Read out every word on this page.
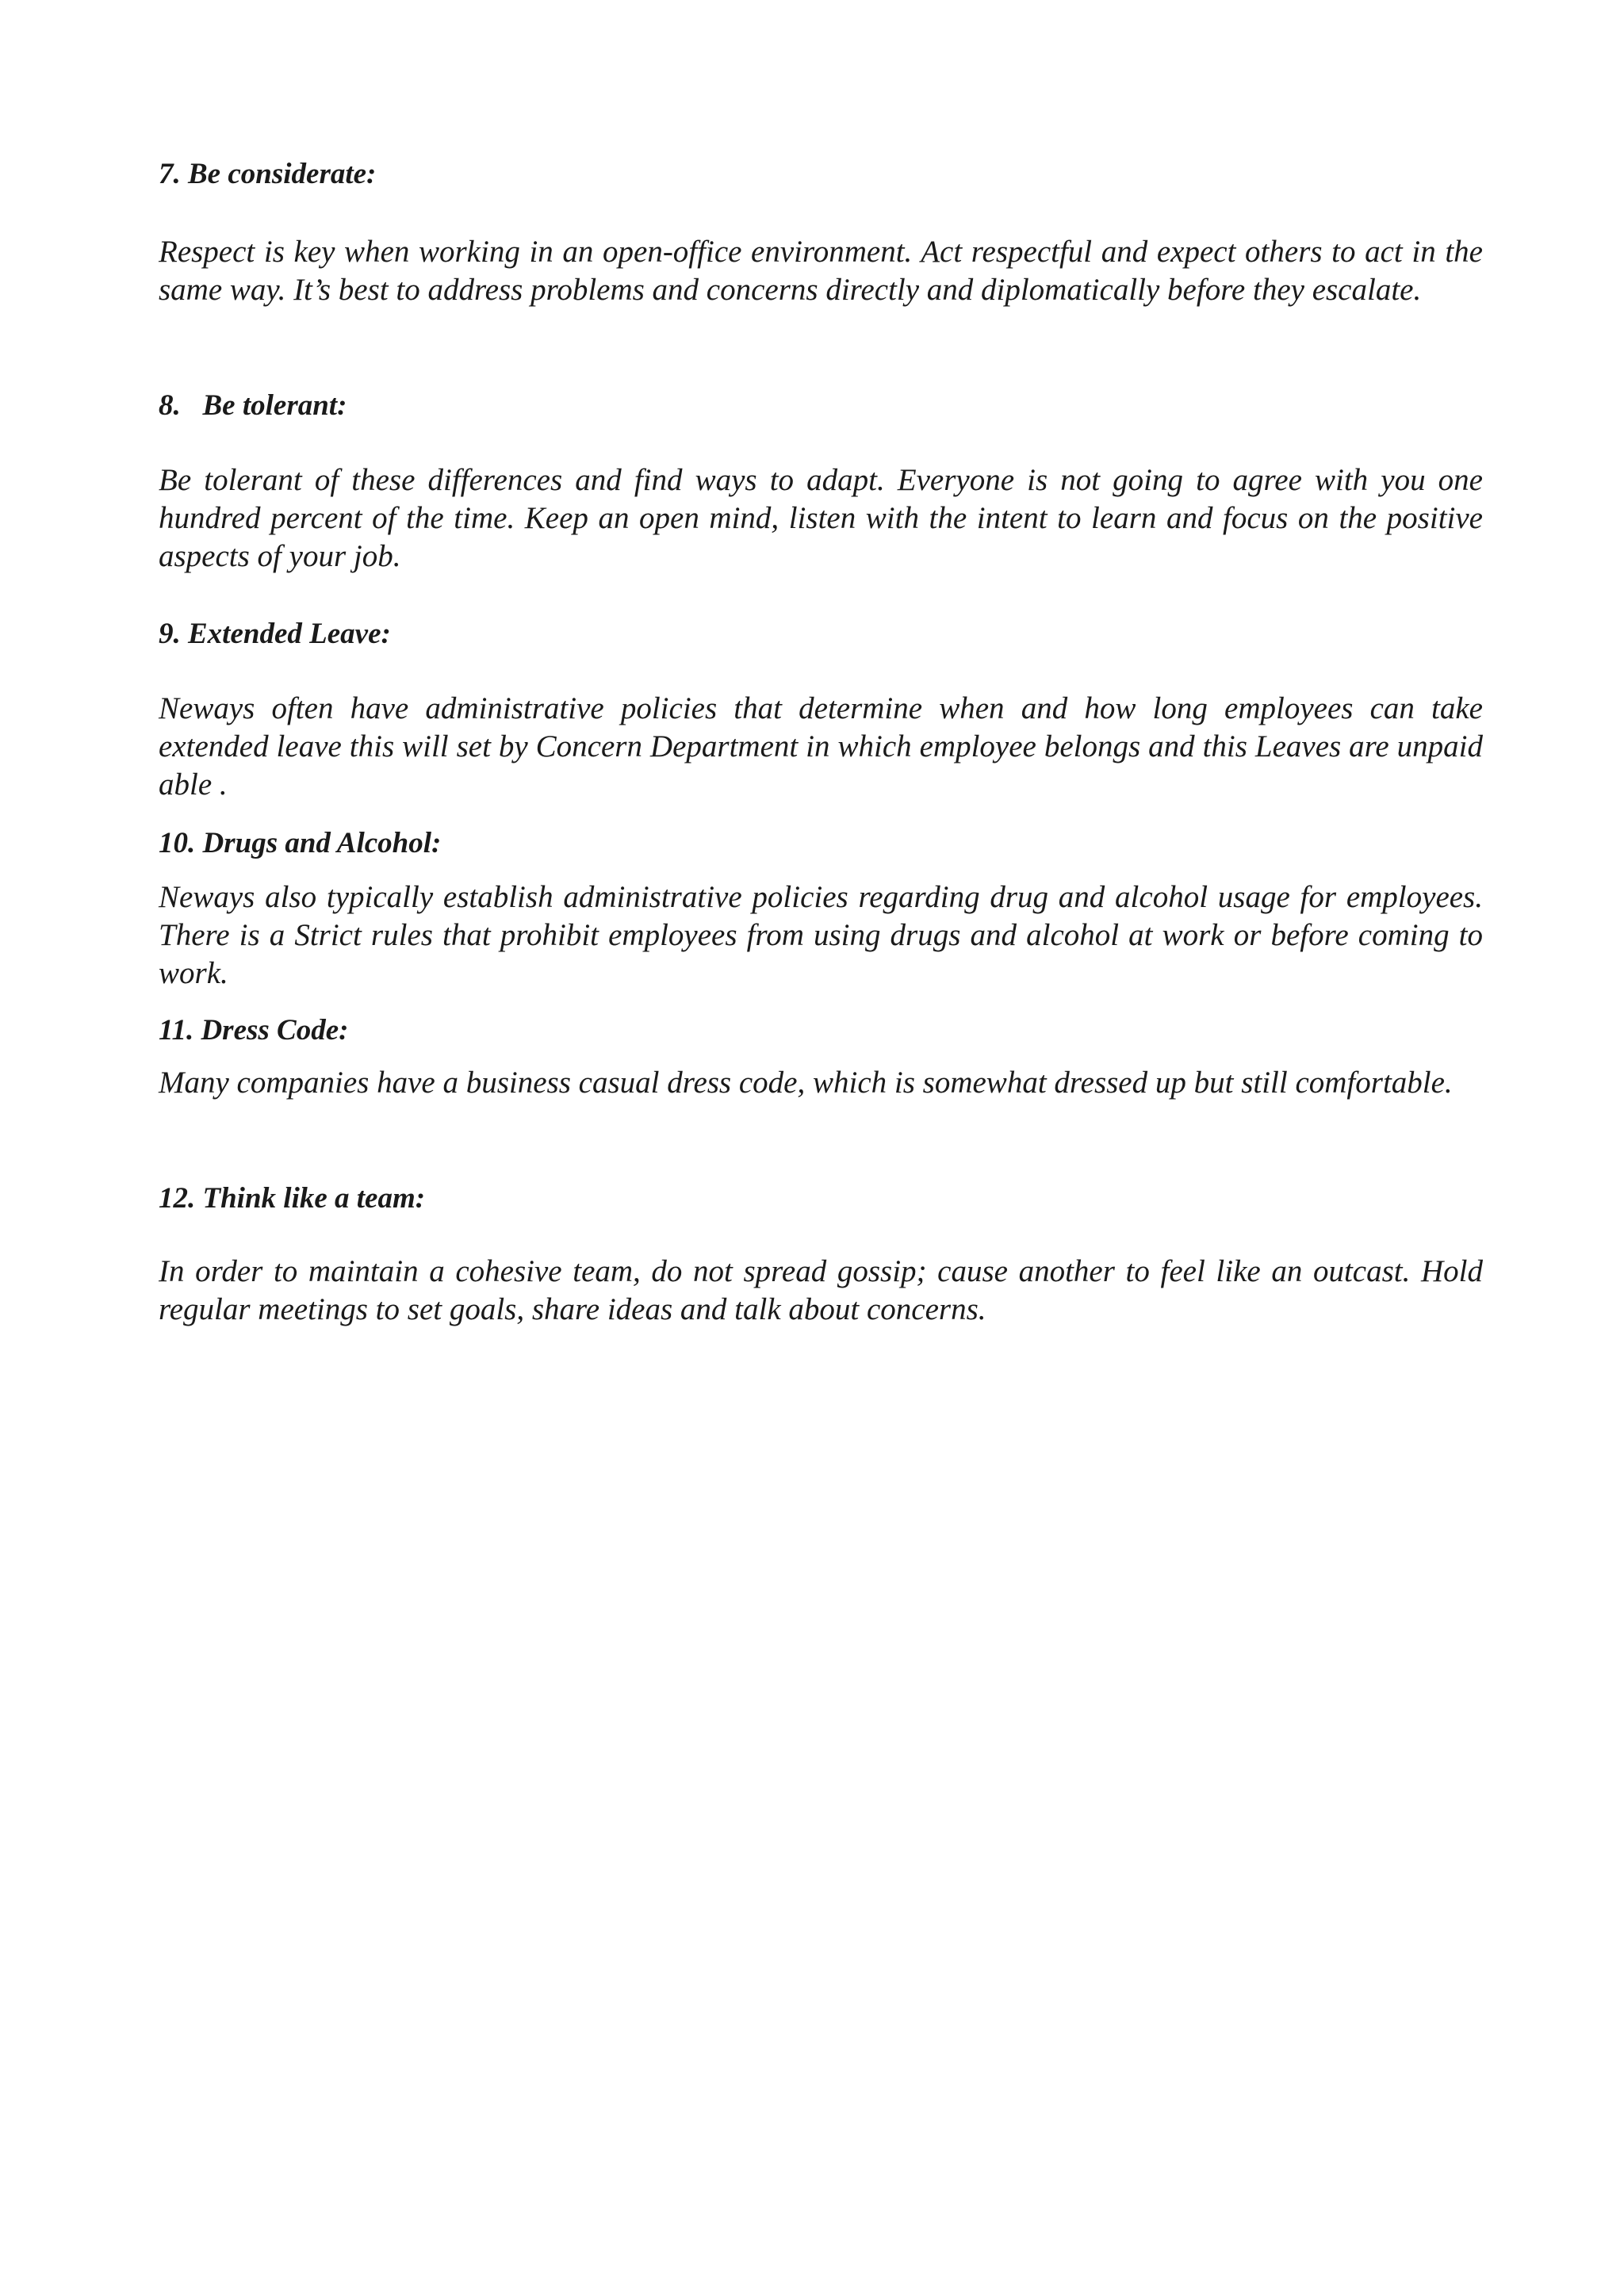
7. Be considerate:
Respect is key when working in an open-office environment. Act respectful and expect others to act in the same way. It’s best to address problems and concerns directly and diplomatically before they escalate.
8.   Be tolerant:
Be tolerant of these differences and find ways to adapt. Everyone is not going to agree with you one hundred percent of the time. Keep an open mind, listen with the intent to learn and focus on the positive aspects of your job.
9. Extended Leave:
Neways often have administrative policies that determine when and how long employees can take extended leave this will set by Concern Department in which employee belongs and this Leaves are unpaid able .
10. Drugs and Alcohol:
Neways also typically establish administrative policies regarding drug and alcohol usage for employees. There is a Strict rules that prohibit employees from using drugs and alcohol at work or before coming to work.
11. Dress Code:
Many companies have a business casual dress code, which is somewhat dressed up but still comfortable.
12. Think like a team:
In order to maintain a cohesive team, do not spread gossip; cause another to feel like an outcast. Hold regular meetings to set goals, share ideas and talk about concerns.
